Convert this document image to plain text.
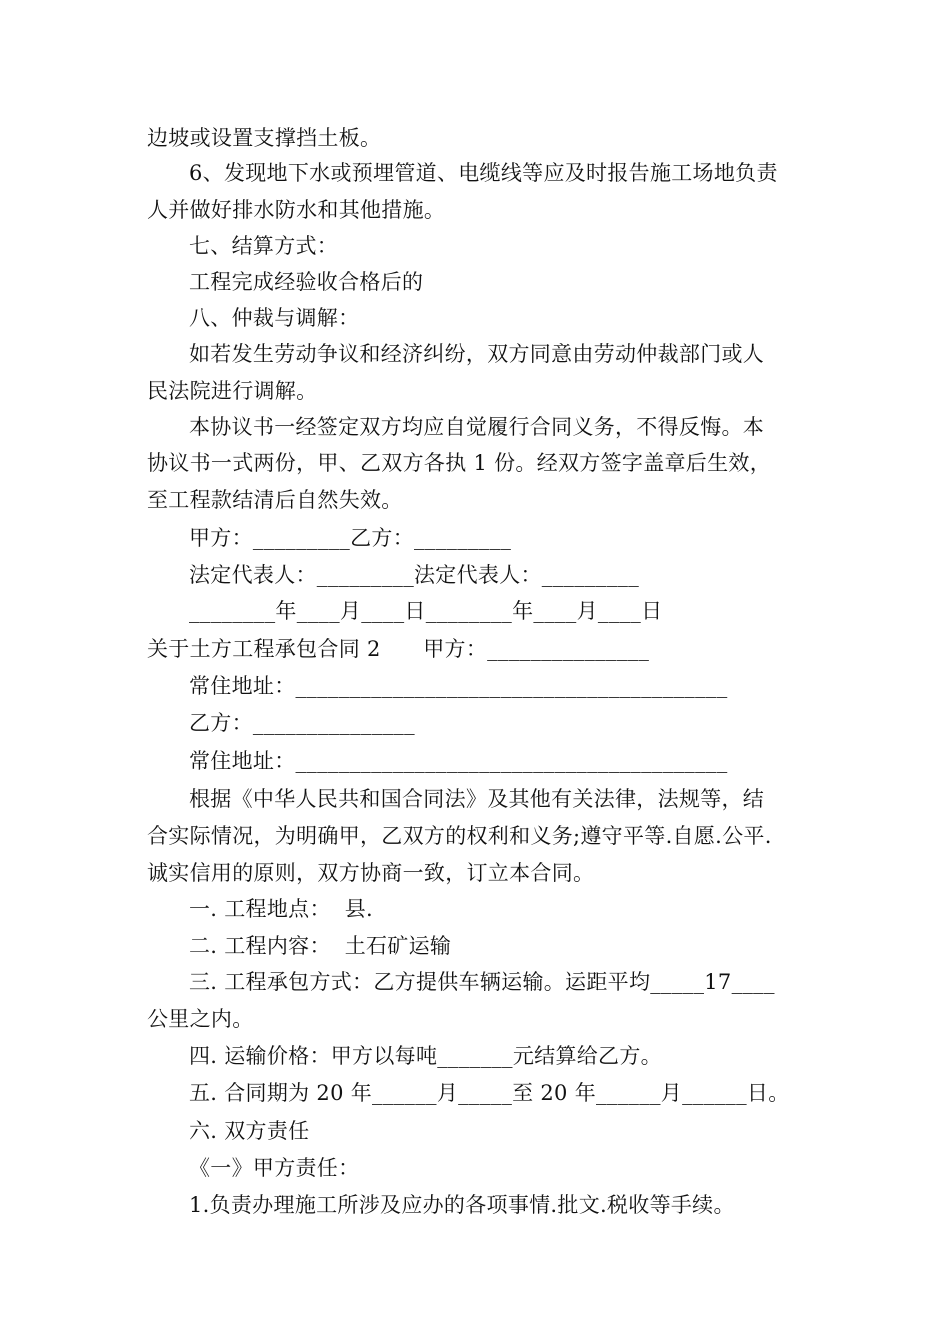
边坡或设置支撑挡土板。
6、发现地下水或预埋管道、电缆线等应及时报告施工场地负责
人并做好排水防水和其他措施。
七、结算方式：
工程完成经验收合格后的
八、仲裁与调解：
如若发生劳动争议和经济纠纷，双方同意由劳动仲裁部门或人
民法院进行调解。
本协议书一经签定双方均应自觉履行合同义务，不得反悔。本
协议书一式两份，甲、乙双方各执 1 份。经双方签字盖章后生效，
至工程款结清后自然失效。
甲方：_________乙方：_________
法定代表人：_________法定代表人：_________
________年____月____日________年____月____日
关于土方工程承包合同 2　　甲方：_______________
常住地址：________________________________________
乙方：_______________
常住地址：________________________________________
根据《中华人民共和国合同法》及其他有关法律，法规等，结
合实际情况，为明确甲，乙双方的权利和义务;遵守平等.自愿.公平.
诚实信用的原则，双方协商一致，订立本合同。
一. 工程地点：  县.
二. 工程内容：  土石矿运输
三. 工程承包方式：乙方提供车辆运输。运距平均_____17____
公里之内。
四. 运输价格：甲方以每吨_______元结算给乙方。
五. 合同期为 20 年______月_____至 20 年______月______日。
六. 双方责任
《一》甲方责任：
1.负责办理施工所涉及应办的各项事情.批文.税收等手续。
